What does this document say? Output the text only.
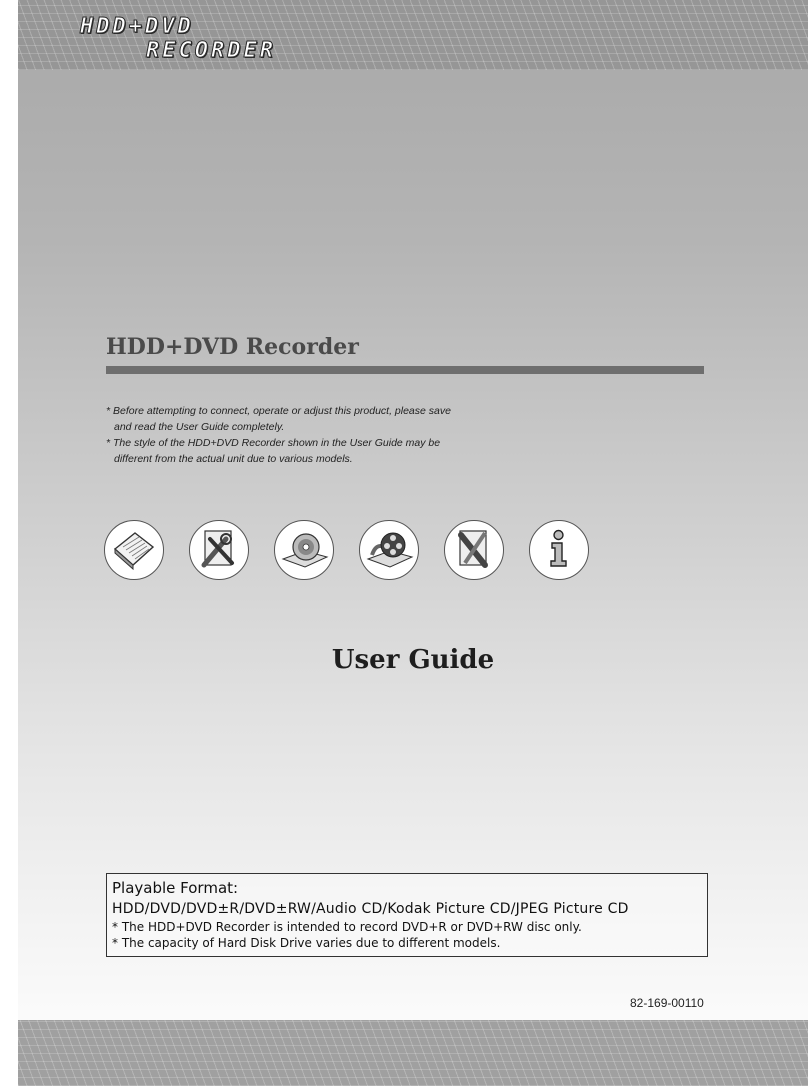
HDD+DVD
RECORDER
HDD+DVD Recorder

* Before attempting to connect, operate or adjust this product, please save

and read the User Guide completely.

* The style of the HDD+DVD Recorder shown in the User Guide may be

different from the actual unit due to various models.

User Guide

Playable Format:

HDD/DVD/DVD±R/DVD±RW/Audio CD/Kodak Picture CD/JPEG Picture CD

* The HDD+DVD Recorder is intended to record DVD+R or DVD+RW disc only.

* The capacity of Hard Disk Drive varies due to different models.

82-169-00110
